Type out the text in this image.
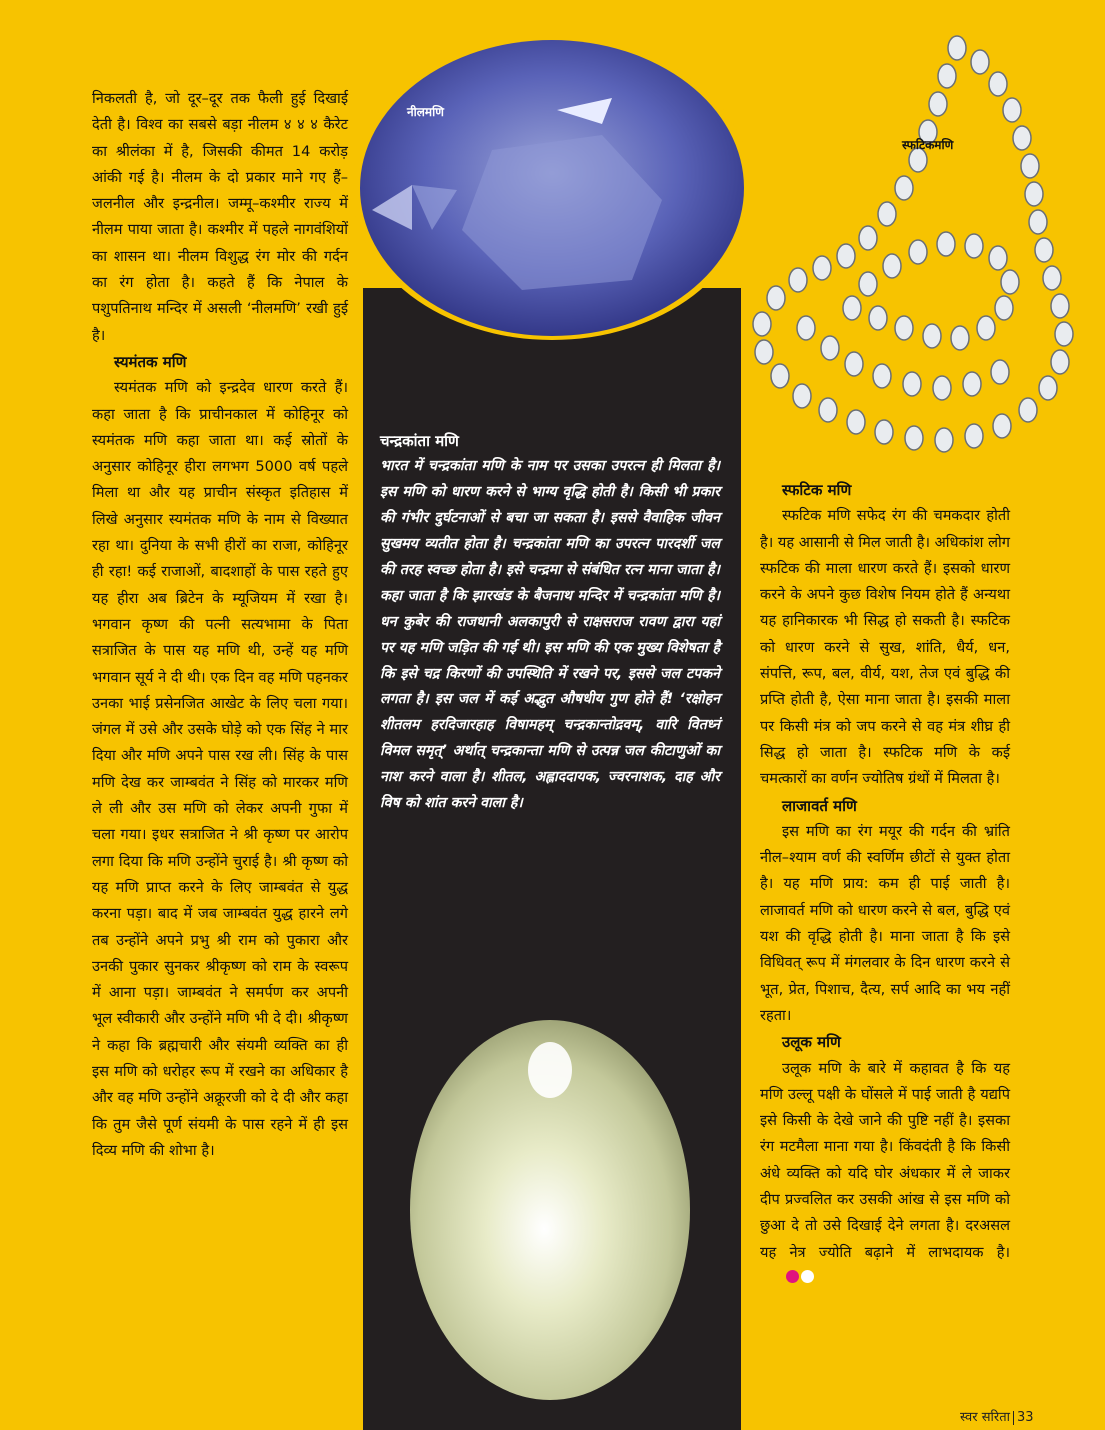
नीलमणि
स्फटिकमणि

निकलती है, जो दूर–दूर तक फैली हुई दिखाई देती है। विश्व का सबसे बड़ा नीलम ४ ४ ४ कैरेट का श्रीलंका में है, जिसकी कीमत 14 करोड़ आंकी गई है। नीलम के दो प्रकार माने गए हैं– जलनील और इन्द्रनील। जम्मू–कश्मीर राज्य में नीलम पाया जाता है। कश्मीर में पहले नागवंशियों का शासन था। नीलम विशुद्ध रंग मोर की गर्दन का रंग होता है। कहते हैं कि नेपाल के पशुपतिनाथ मन्दिर में असली ‘नीलमणि’ रखी हुई है।

स्यमंतक मणि

स्यमंतक मणि को इन्द्रदेव धारण करते हैं। कहा जाता है कि प्राचीनकाल में कोहिनूर को स्यमंतक मणि कहा जाता था। कई स्रोतों के अनुसार कोहिनूर हीरा लगभग 5000 वर्ष पहले मिला था और यह प्राचीन संस्कृत इतिहास में लिखे अनुसार स्यमंतक मणि के नाम से विख्यात रहा था। दुनिया के सभी हीरों का राजा, कोहिनूर ही रहा! कई राजाओं, बादशाहों के पास रहते हुए यह हीरा अब ब्रिटेन के म्यूजियम में रखा है। भगवान कृष्ण की पत्नी सत्यभामा के पिता सत्राजित के पास यह मणि थी, उन्हें यह मणि भगवान सूर्य ने दी थी। एक दिन वह मणि पहनकर उनका भाई प्रसेनजित आखेट के लिए चला गया। जंगल में उसे और उसके घोड़े को एक सिंह ने मार दिया और मणि अपने पास रख ली। सिंह के पास मणि देख कर जाम्बवंत ने सिंह को मारकर मणि ले ली और उस मणि को लेकर अपनी गुफा में चला गया। इधर सत्राजित ने श्री कृष्ण पर आरोप लगा दिया कि मणि उन्होंने चुराई है। श्री कृष्ण को यह मणि प्राप्त करने के लिए जाम्बवंत से युद्ध करना पड़ा। बाद में जब जाम्बवंत युद्ध हारने लगे तब उन्होंने अपने प्रभु श्री राम को पुकारा और उनकी पुकार सुनकर श्रीकृष्ण को राम के स्वरूप में आना पड़ा। जाम्बवंत ने समर्पण कर अपनी भूल स्वीकारी और उन्होंने मणि भी दे दी। श्रीकृष्ण ने कहा कि ब्रह्मचारी और संयमी व्यक्ति का ही इस मणि को धरोहर रूप में रखने का अधिकार है और वह मणि उन्होंने अक्रूरजी को दे दी और कहा कि तुम जैसे पूर्ण संयमी के पास रहने में ही इस दिव्य मणि की शोभा है।

चन्द्रकांता मणि

भारत में चन्द्रकांता मणि के नाम पर उसका उपरत्न ही मिलता है। इस मणि को धारण करने से भाग्य वृद्धि होती है। किसी भी प्रकार की गंभीर दुर्घटनाओं से बचा जा सकता है। इससे वैवाहिक जीवन सुखमय व्यतीत होता है। चन्द्रकांता मणि का उपरत्न पारदर्शी जल की तरह स्वच्छ होता है। इसे चन्द्रमा से संबंधित रत्न माना जाता है। कहा जाता है कि झारखंड के बैजनाथ मन्दिर में चन्द्रकांता मणि है। धन कुबेर की राजधानी अलकापुरी से राक्षसराज रावण द्वारा यहां पर यह मणि जड़ित की गई थी। इस मणि की एक मुख्य विशेषता है कि इसे चद्र किरणों की उपस्थिति में रखने पर, इससे जल टपकने लगता है। इस जल में कई अद्भुत औषधीय गुण होते हैं! ‘रक्षोहन शीतलम हरदिजारहाह विषामहम् चन्द्रकान्तोद्रवम्, वारि वितध्नं विमल समृत्’ अर्थात् चन्द्रकान्ता मणि से उत्पन्न जल कीटाणुओं का नाश करने वाला है। शीतल, अह्लाददायक, ज्वरनाशक, दाह और विष को शांत करने वाला है।

स्फटिक मणि

स्फटिक मणि सफेद रंग की चमकदार होती है। यह आसानी से मिल जाती है। अधिकांश लोग स्फटिक की माला धारण करते हैं। इसको धारण करने के अपने कुछ विशेष नियम होते हैं अन्यथा यह हानिकारक भी सिद्ध हो सकती है। स्फटिक को धारण करने से सुख, शांति, धैर्य, धन, संपत्ति, रूप, बल, वीर्य, यश, तेज एवं बुद्धि की प्रप्ति होती है, ऐसा माना जाता है। इसकी माला पर किसी मंत्र को जप करने से वह मंत्र शीघ्र ही सिद्ध हो जाता है। स्फटिक मणि के कई चमत्कारों का वर्णन ज्योतिष ग्रंथों में मिलता है।

लाजावर्त मणि

इस मणि का रंग मयूर की गर्दन की भ्रांति नील–श्याम वर्ण की स्वर्णिम छीटों से युक्त होता है। यह मणि प्राय: कम ही पाई जाती है। लाजावर्त मणि को धारण करने से बल, बुद्धि एवं यश की वृद्धि होती है। माना जाता है कि इसे विधिवत् रूप में मंगलवार के दिन धारण करने से भूत, प्रेत, पिशाच, दैत्य, सर्प आदि का भय नहीं रहता।

उलूक मणि

उलूक मणि के बारे में कहावत है कि यह मणि उल्लू पक्षी के घोंसले में पाई जाती है यद्यपि इसे किसी के देखे जाने की पुष्टि नहीं है। इसका रंग मटमैला माना गया है। किंवदंती है कि किसी अंधे व्यक्ति को यदि घोर अंधकार में ले जाकर दीप प्रज्वलित कर उसकी आंख से इस मणि को छुआ दे तो उसे दिखाई देने लगता है। दरअसल यह नेत्र ज्योति बढ़ाने में लाभदायक है।

स्वर सरिता 33
